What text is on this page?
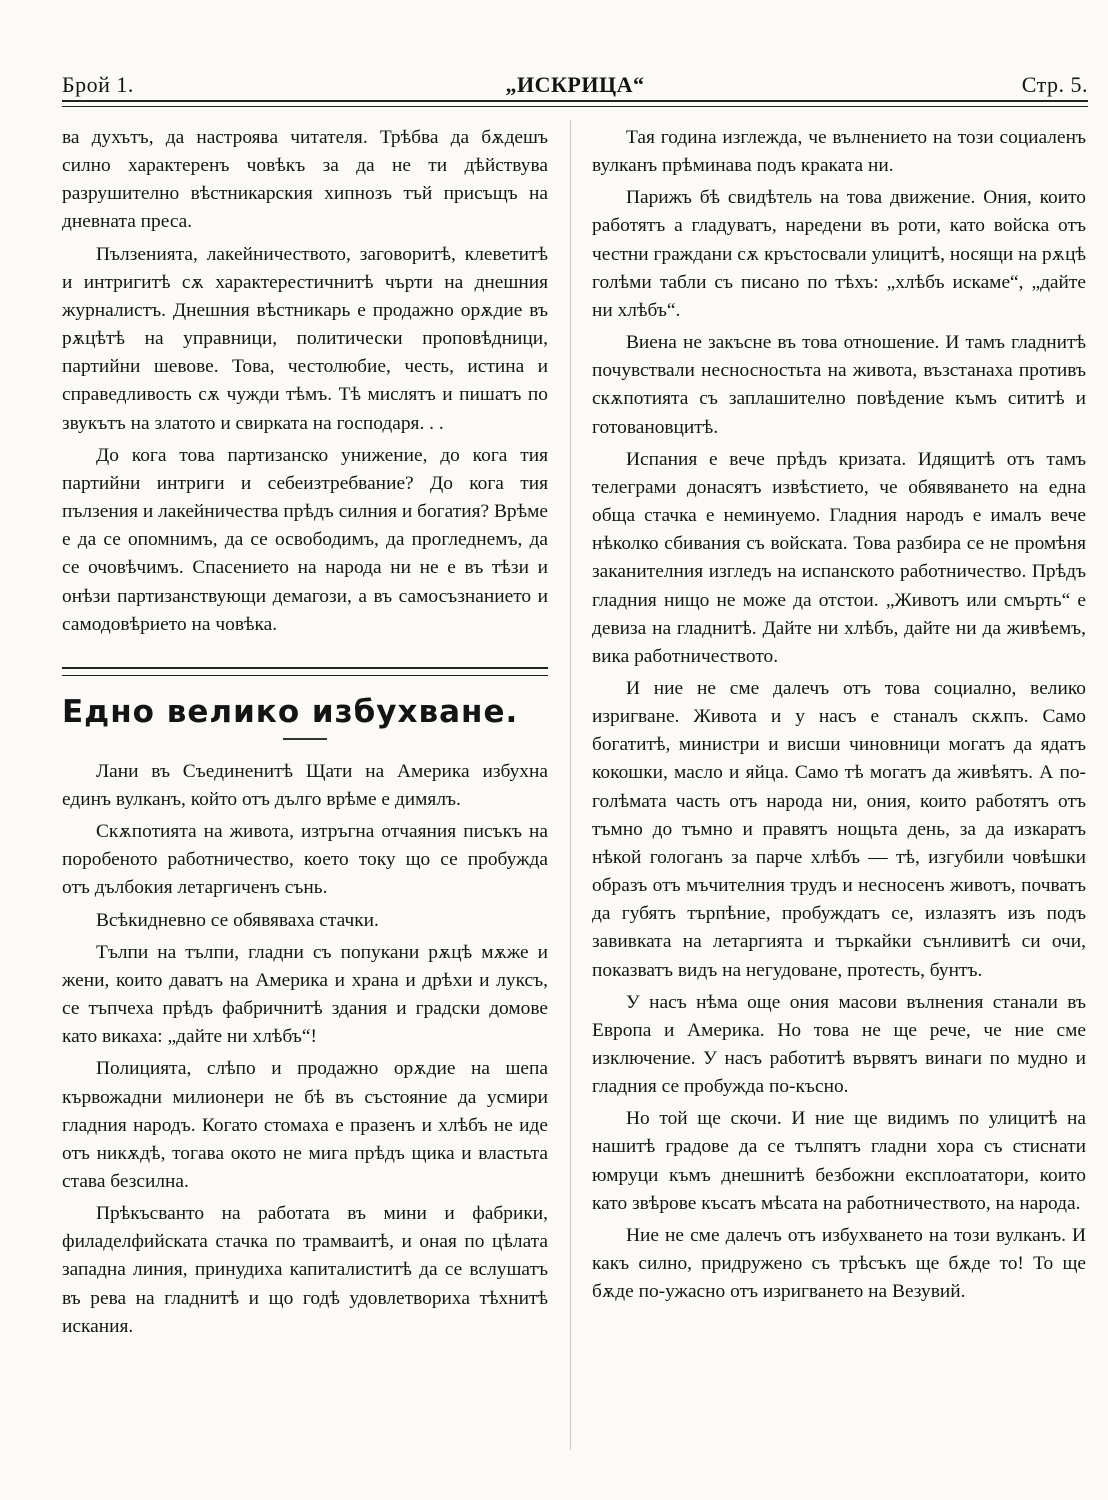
Брой 1.	„ИСКРИЦА“	Стр. 5.

ва духътъ, да настроява читателя. Трѣбва да бѫдешъ силно характеренъ човѣкъ за да не ти дѣйствува разрушително вѣстникарския хипнозъ тъй присъщъ на дневната преса.

Пълзенията, лакейничеството, заговоритѣ, клеветитѣ и интригитѣ сѫ характерестичнитѣ чърти на днешния журналистъ. Днешния вѣстникарь е продажно орѫдие въ рѫцѣтѣ на управници, политически проповѣдници, партийни шевове. Това, честолюбие, честь, истина и справедливость сѫ чужди тѣмъ. Тѣ мислятъ и пишатъ по звукътъ на златото и свирката на господаря. . .

До кога това партизанско унижение, до кога тия партийни интриги и себеизтребвание? До кога тия пълзения и лакейничества прѣдъ силния и богатия? Врѣме е да се опомнимъ, да се освободимъ, да прогледнемъ, да се очовѣчимъ. Спасението на народа ни не е въ тѣзи и онѣзи партизанствующи демагози, а въ самосъзнанието и самодовѣрието на човѣка.

Едно велико избухване.

Лани въ Съединенитѣ Щати на Америка избухна единъ вулканъ, който отъ дълго врѣме е димялъ.

Скѫпотията на живота, изтръгна отчаяния писъкъ на поробеното работничество, което току що се пробужда отъ дълбокия летаргиченъ сънь.

Всѣкидневно се обявяваха стачки.

Тълпи на тълпи, гладни съ попукани рѫцѣ мѫже и жени, които даватъ на Америка и храна и дрѣхи и луксъ, се тъпчеха прѣдъ фабричнитѣ здания и градски домове като викаха: „дайте ни хлѣбъ“!

Полицията, слѣпо и продажно орѫдие на шепа кървожадни милионери не бѣ въ състояние да усмири гладния народъ. Когато стомаха е празенъ и хлѣбъ не иде отъ никѫдѣ, тогава окото не мига прѣдъ щика и властьта става безсилна.

Прѣкъсванто на работата въ мини и фабрики, филаделфийската стачка по трамваитѣ, и оная по цѣлата западна линия, принудиха капиталиститѣ да се вслушатъ въ рева на гладнитѣ и що годѣ удовлетвориха тѣхнитѣ искания.

Тая година изглежда, че вълнението на този социаленъ вулканъ прѣминава подъ краката ни.

Парижъ бѣ свидѣтель на това движение. Ония, които работятъ а гладуватъ, наредени въ роти, като войска отъ честни граждани сѫ кръстосвали улицитѣ, носящи на рѫцѣ голѣми табли съ писано по тѣхъ: „хлѣбъ искаме“, „дайте ни хлѣбъ“.

Виена не закъсне въ това отношение. И тамъ гладнитѣ почувствали несносностьта на живота, възстанаха противъ скѫпотията съ заплашително повѣдение къмъ сититѣ и готовановцитѣ.

Испания е вече прѣдъ кризата. Идящитѣ отъ тамъ телеграми донасятъ извѣстието, че обявяването на една обща стачка е неминуемо. Гладния народъ е ималъ вече нѣколко сбивания съ войската. Това разбира се не промѣня заканителния изгледъ на испанското работничество. Прѣдъ гладния нищо не може да отстои. „Животъ или смърть“ е девиза на гладнитѣ. Дайте ни хлѣбъ, дайте ни да живѣемъ, вика работничеството.

И ние не сме далечъ отъ това социално, велико изригване. Живота и у насъ е станалъ скѫпъ. Само богатитѣ, министри и висши чиновници могатъ да ядатъ кокошки, масло и яйца. Само тѣ могатъ да живѣятъ. А по-голѣмата часть отъ народа ни, ония, които работятъ отъ тъмно до тъмно и правятъ нощьта день, за да изкаратъ нѣкой гологанъ за парче хлѣбъ — тѣ, изгубили човѣшки образъ отъ мъчителния трудъ и несносенъ животъ, почватъ да губятъ търпѣние, пробуждатъ се, излазятъ изъ подъ завивката на летаргията и търкайки сънливитѣ си очи, показватъ видъ на негудоване, протесть, бунтъ.

У насъ нѣма още ония масови вълнения станали въ Европа и Америка. Но това не ще рече, че ние сме изключение. У насъ работитѣ вървятъ винаги по мудно и гладния се пробужда по-късно.

Но той ще скочи. И ние ще видимъ по улицитѣ на нашитѣ градове да се тълпятъ гладни хора съ стиснати юмруци къмъ днешнитѣ безбожни експлоататори, които като звѣрове късатъ мѣсата на работничеството, на народа.

Ние не сме далечъ отъ избухването на този вулканъ. И какъ силно, придружено съ трѣсъкъ ще бѫде то! То ще бѫде по-ужасно отъ изригването на Везувий.
